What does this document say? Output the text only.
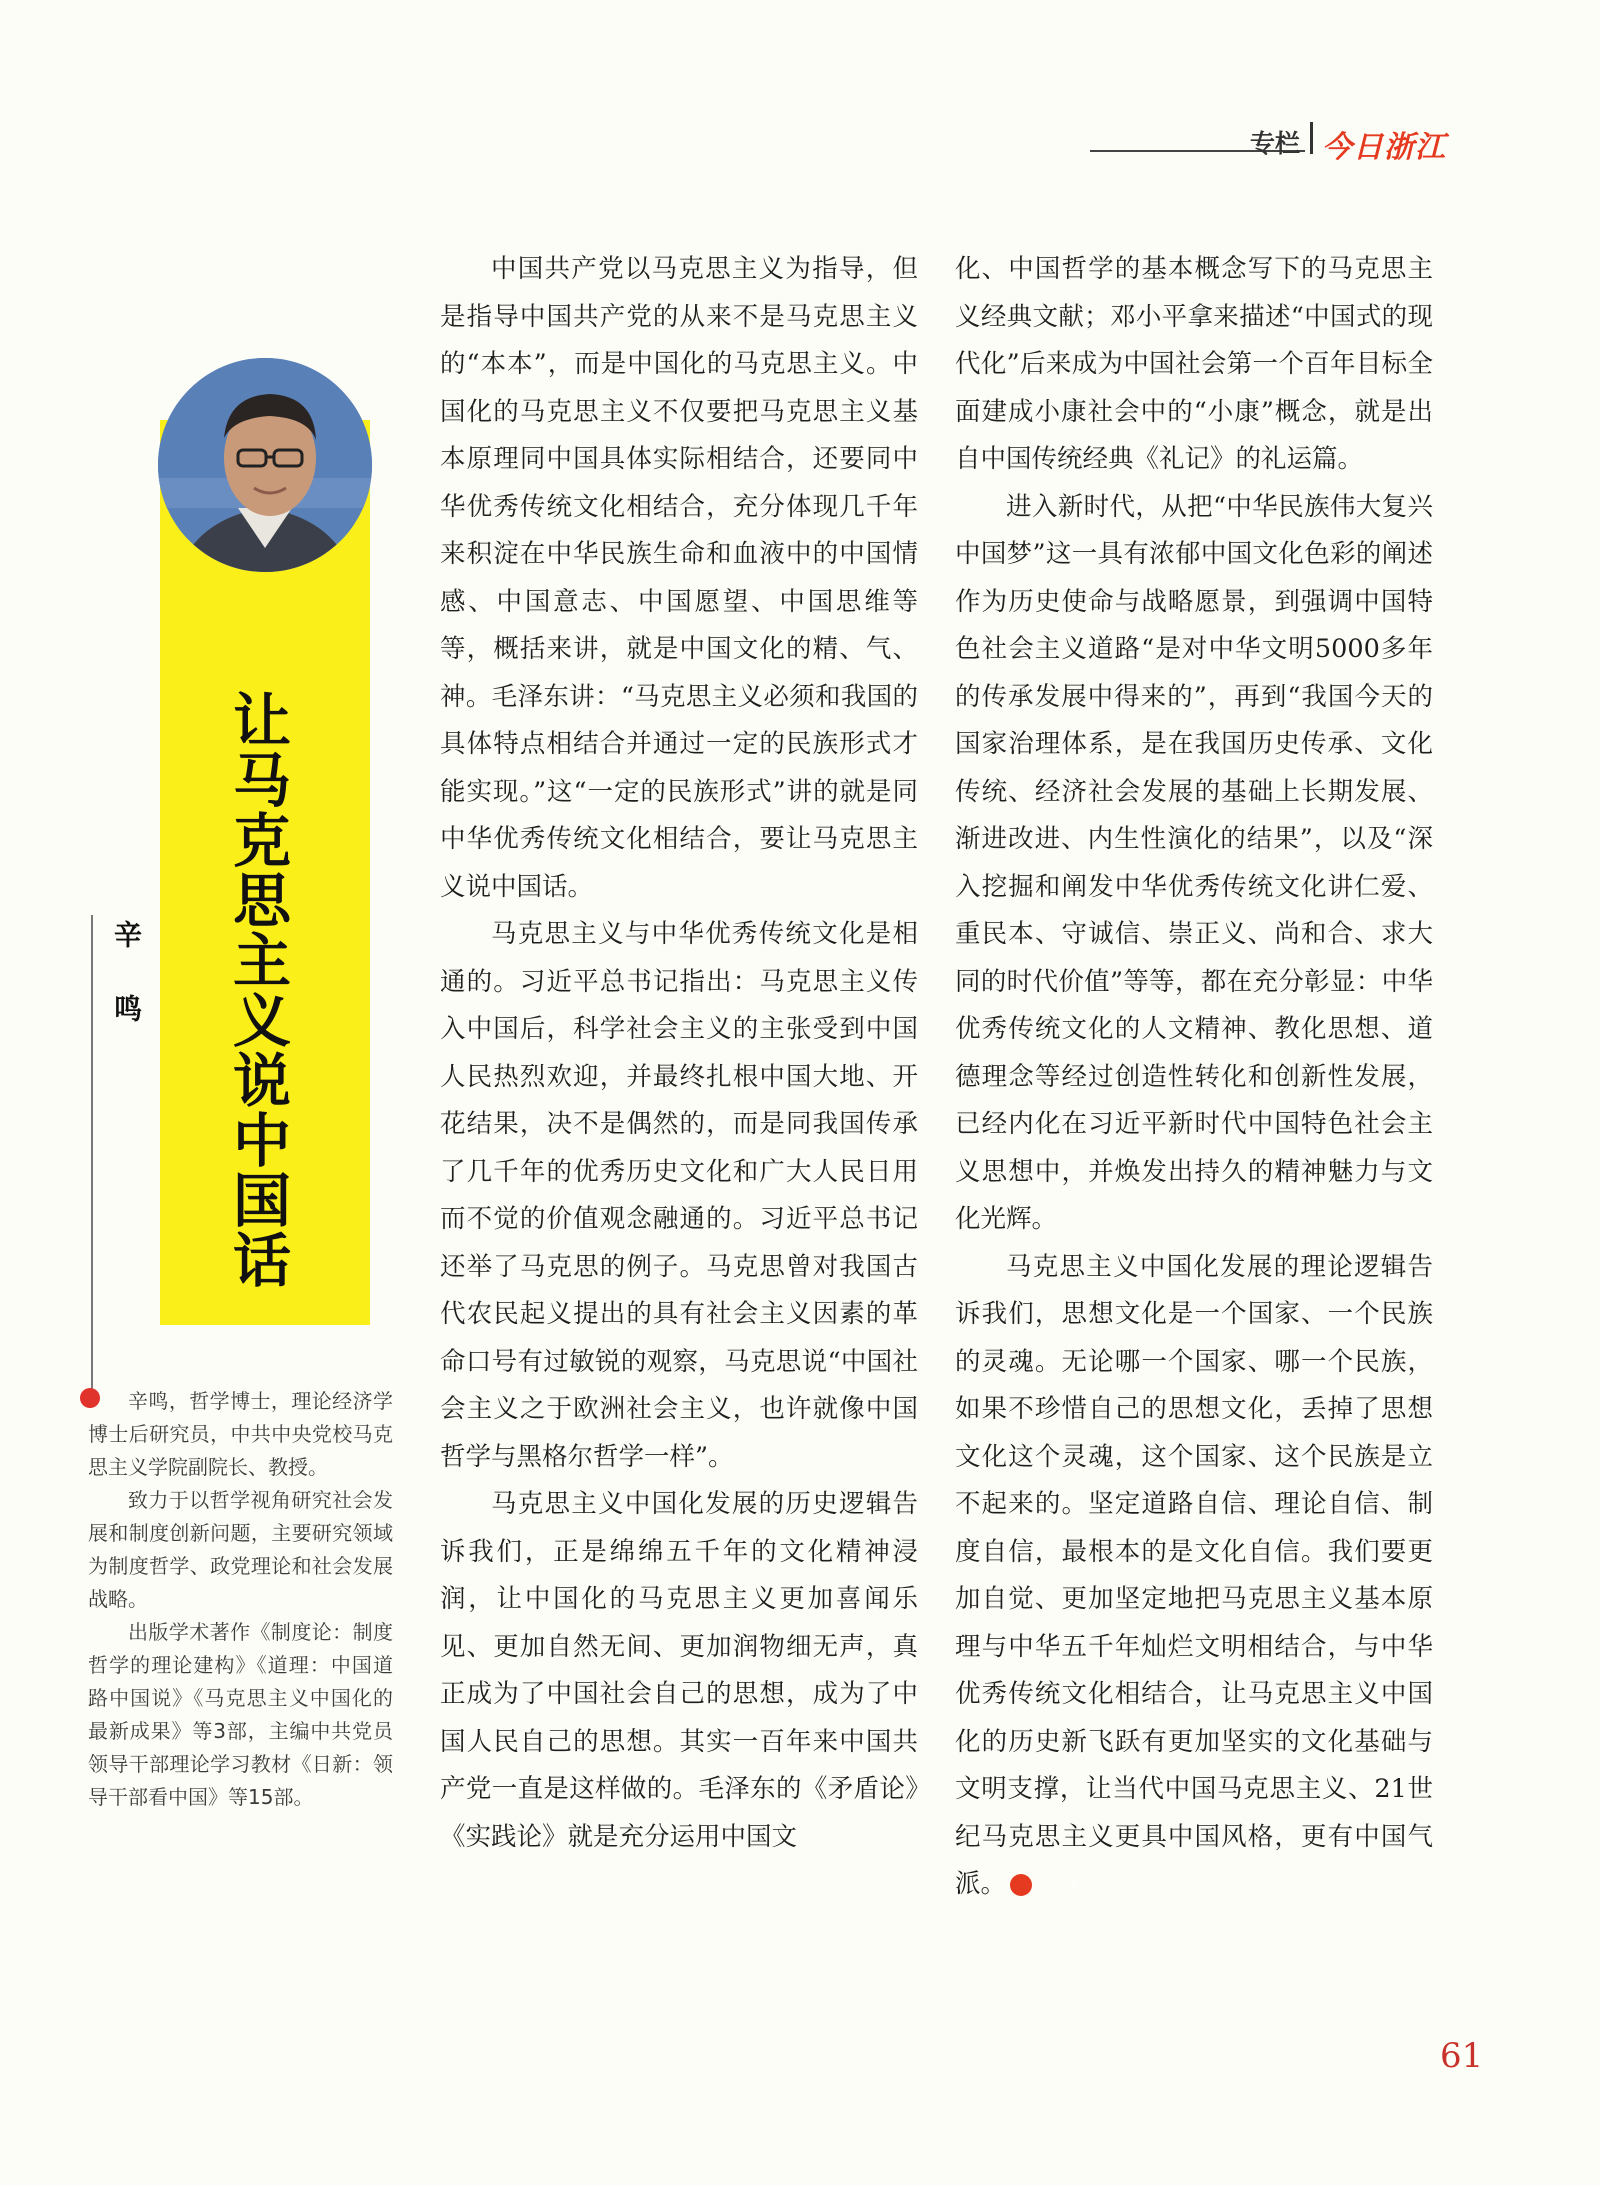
专栏 今日浙江
让马克思主义说中国话
辛 鸣

辛鸣，哲学博士，理论经济学博士后研究员，中共中央党校马克思主义学院副院长、教授。

致力于以哲学视角研究社会发展和制度创新问题，主要研究领域为制度哲学、政党理论和社会发展战略。

出版学术著作《制度论：制度哲学的理论建构》《道理：中国道路中国说》《马克思主义中国化的最新成果》等3部，主编中共党员领导干部理论学习教材《日新：领导干部看中国》等15部。

中国共产党以马克思主义为指导，但是指导中国共产党的从来不是马克思主义的“本本”，而是中国化的马克思主义。中国化的马克思主义不仅要把马克思主义基本原理同中国具体实际相结合，还要同中华优秀传统文化相结合，充分体现几千年来积淀在中华民族生命和血液中的中国情感、中国意志、中国愿望、中国思维等等，概括来讲，就是中国文化的精、气、神。毛泽东讲：“马克思主义必须和我国的具体特点相结合并通过一定的民族形式才能实现。”这“一定的民族形式”讲的就是同中华优秀传统文化相结合，要让马克思主义说中国话。

马克思主义与中华优秀传统文化是相通的。习近平总书记指出：马克思主义传入中国后，科学社会主义的主张受到中国人民热烈欢迎，并最终扎根中国大地、开花结果，决不是偶然的，而是同我国传承了几千年的优秀历史文化和广大人民日用而不觉的价值观念融通的。习近平总书记还举了马克思的例子。马克思曾对我国古代农民起义提出的具有社会主义因素的革命口号有过敏锐的观察，马克思说“中国社会主义之于欧洲社会主义，也许就像中国哲学与黑格尔哲学一样”。

马克思主义中国化发展的历史逻辑告诉我们，正是绵绵五千年的文化精神浸润，让中国化的马克思主义更加喜闻乐见、更加自然无间、更加润物细无声，真正成为了中国社会自己的思想，成为了中国人民自己的思想。其实一百年来中国共产党一直是这样做的。毛泽东的《矛盾论》《实践论》就是充分运用中国文

化、中国哲学的基本概念写下的马克思主义经典文献；邓小平拿来描述“中国式的现代化”后来成为中国社会第一个百年目标全面建成小康社会中的“小康”概念，就是出自中国传统经典《礼记》的礼运篇。

进入新时代，从把“中华民族伟大复兴中国梦”这一具有浓郁中国文化色彩的阐述作为历史使命与战略愿景，到强调中国特色社会主义道路“是对中华文明5000多年的传承发展中得来的”，再到“我国今天的国家治理体系，是在我国历史传承、文化传统、经济社会发展的基础上长期发展、渐进改进、内生性演化的结果”，以及“深入挖掘和阐发中华优秀传统文化讲仁爱、重民本、守诚信、崇正义、尚和合、求大同的时代价值”等等，都在充分彰显：中华优秀传统文化的人文精神、教化思想、道德理念等经过创造性转化和创新性发展，已经内化在习近平新时代中国特色社会主义思想中，并焕发出持久的精神魅力与文化光辉。

马克思主义中国化发展的理论逻辑告诉我们，思想文化是一个国家、一个民族的灵魂。无论哪一个国家、哪一个民族，如果不珍惜自己的思想文化，丢掉了思想文化这个灵魂，这个国家、这个民族是立不起来的。坚定道路自信、理论自信、制度自信，最根本的是文化自信。我们要更加自觉、更加坚定地把马克思主义基本原理与中华五千年灿烂文明相结合，与中华优秀传统文化相结合，让马克思主义中国化的历史新飞跃有更加坚实的文化基础与文明支撑，让当代中国马克思主义、21世纪马克思主义更具中国风格，更有中国气派。今

61
